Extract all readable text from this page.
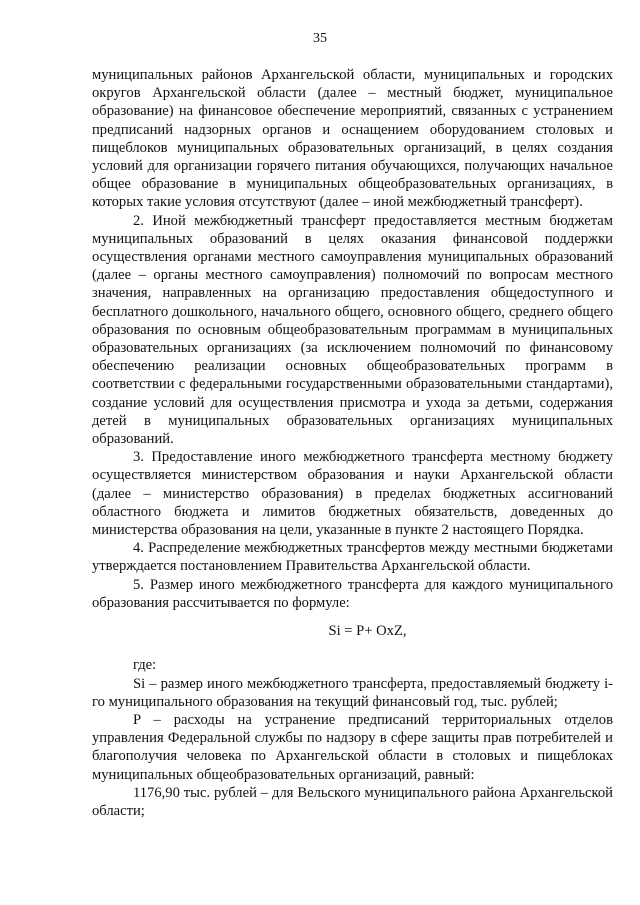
35

муниципальных районов Архангельской области, муниципальных и городских округов Архангельской области (далее – местный бюджет, муниципальное образование) на финансовое обеспечение мероприятий, связанных с устранением предписаний надзорных органов и оснащением оборудованием столовых и пищеблоков муниципальных образовательных организаций, в целях создания условий для организации горячего питания обучающихся, получающих начальное общее образование в муниципальных общеобразовательных организациях, в которых такие условия отсутствуют (далее – иной межбюджетный трансферт).

2. Иной межбюджетный трансферт предоставляется местным бюджетам муниципальных образований в целях оказания финансовой поддержки осуществления органами местного самоуправления муниципальных образований (далее – органы местного самоуправления) полномочий по вопросам местного значения, направленных на организацию предоставления общедоступного и бесплатного дошкольного, начального общего, основного общего, среднего общего образования по основным общеобразовательным программам в муниципальных образовательных организациях (за исключением полномочий по финансовому обеспечению реализации основных общеобразовательных программ в соответствии с федеральными государственными образовательными стандартами), создание условий для осуществления присмотра и ухода за детьми, содержания детей в муниципальных образовательных организациях муниципальных образований.

3. Предоставление иного межбюджетного трансферта местному бюджету осуществляется министерством образования и науки Архангельской области (далее – министерство образования) в пределах бюджетных ассигнований областного бюджета и лимитов бюджетных обязательств, доведенных до министерства образования на цели, указанные в пункте 2 настоящего Порядка.

4. Распределение межбюджетных трансфертов между местными бюджетами утверждается постановлением Правительства Архангельской области.

5. Размер иного межбюджетного трансферта для каждого муниципального образования рассчитывается по формуле:

Si = P+ OxZ,

где:

Si – размер иного межбюджетного трансферта, предоставляемый бюджету i-го муниципального образования на текущий финансовый год, тыс. рублей;

P – расходы на устранение предписаний территориальных отделов управления Федеральной службы по надзору в сфере защиты прав потребителей и благополучия человека по Архангельской области в столовых и пищеблоках муниципальных общеобразовательных организаций, равный:

1176,90 тыс. рублей – для Вельского муниципального района Архангельской области;
